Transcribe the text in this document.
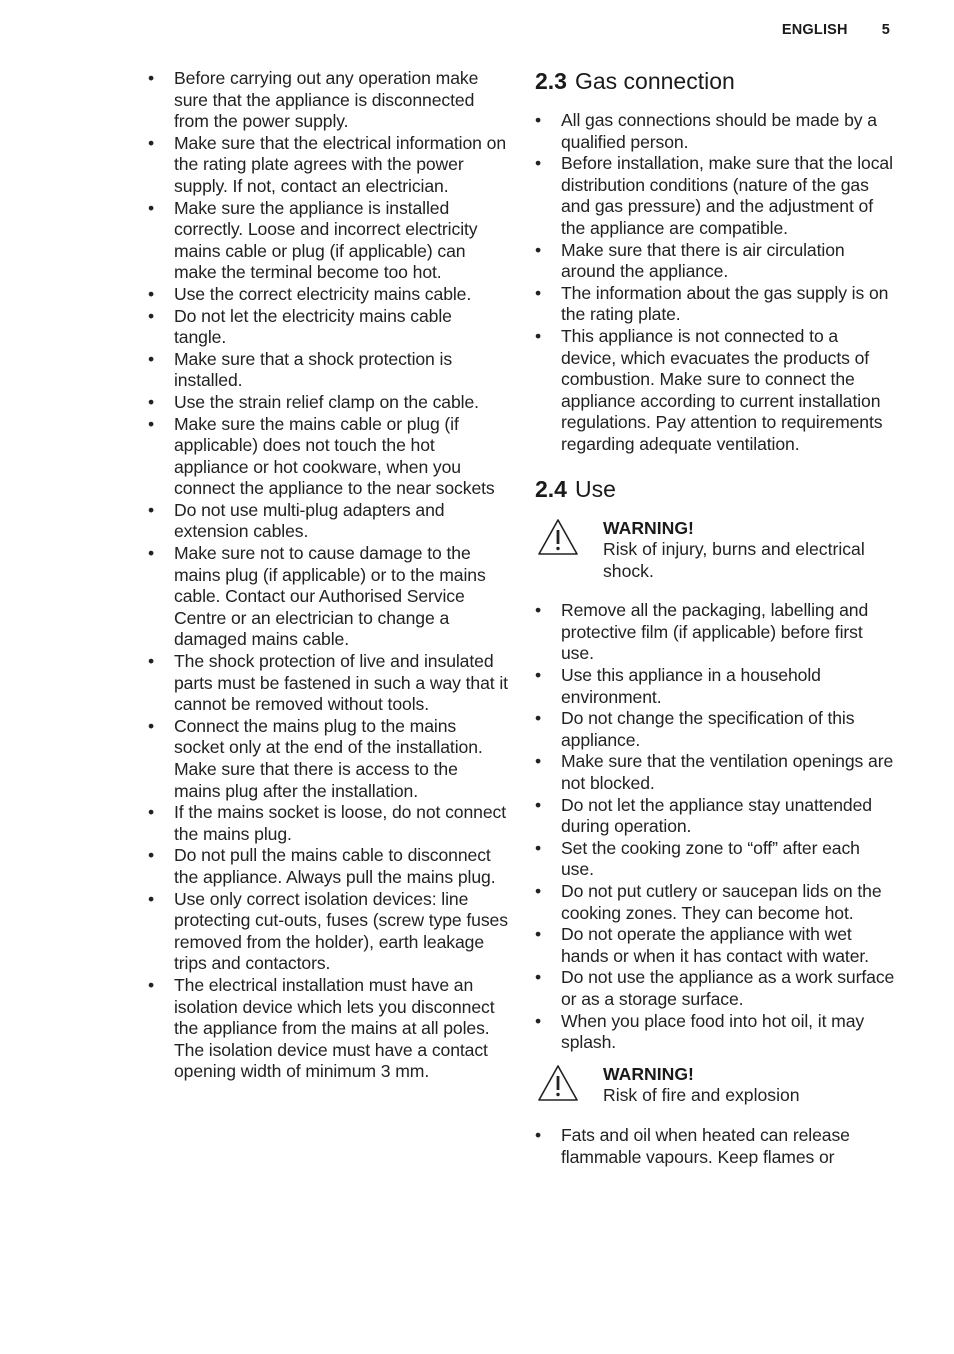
ENGLISH 5
• Before carrying out any operation make sure that the appliance is disconnected from the power supply.
• Make sure that the electrical information on the rating plate agrees with the power supply. If not, contact an electrician.
• Make sure the appliance is installed correctly. Loose and incorrect electricity mains cable or plug (if applicable) can make the terminal become too hot.
• Use the correct electricity mains cable.
• Do not let the electricity mains cable tangle.
• Make sure that a shock protection is installed.
• Use the strain relief clamp on the cable.
• Make sure the mains cable or plug (if applicable) does not touch the hot appliance or hot cookware, when you connect the appliance to the near sockets
• Do not use multi-plug adapters and extension cables.
• Make sure not to cause damage to the mains plug (if applicable) or to the mains cable. Contact our Authorised Service Centre or an electrician to change a damaged mains cable.
• The shock protection of live and insulated parts must be fastened in such a way that it cannot be removed without tools.
• Connect the mains plug to the mains socket only at the end of the installation. Make sure that there is access to the mains plug after the installation.
• If the mains socket is loose, do not connect the mains plug.
• Do not pull the mains cable to disconnect the appliance. Always pull the mains plug.
• Use only correct isolation devices: line protecting cut-outs, fuses (screw type fuses removed from the holder), earth leakage trips and contactors.
• The electrical installation must have an isolation device which lets you disconnect the appliance from the mains at all poles. The isolation device must have a contact opening width of minimum 3 mm.
2.3 Gas connection
• All gas connections should be made by a qualified person.
• Before installation, make sure that the local distribution conditions (nature of the gas and gas pressure) and the adjustment of the appliance are compatible.
• Make sure that there is air circulation around the appliance.
• The information about the gas supply is on the rating plate.
• This appliance is not connected to a device, which evacuates the products of combustion. Make sure to connect the appliance according to current installation regulations. Pay attention to requirements regarding adequate ventilation.
2.4 Use
WARNING!
Risk of injury, burns and electrical shock.
• Remove all the packaging, labelling and protective film (if applicable) before first use.
• Use this appliance in a household environment.
• Do not change the specification of this appliance.
• Make sure that the ventilation openings are not blocked.
• Do not let the appliance stay unattended during operation.
• Set the cooking zone to “off” after each use.
• Do not put cutlery or saucepan lids on the cooking zones. They can become hot.
• Do not operate the appliance with wet hands or when it has contact with water.
• Do not use the appliance as a work surface or as a storage surface.
• When you place food into hot oil, it may splash.
WARNING!
Risk of fire and explosion
• Fats and oil when heated can release flammable vapours. Keep flames or
